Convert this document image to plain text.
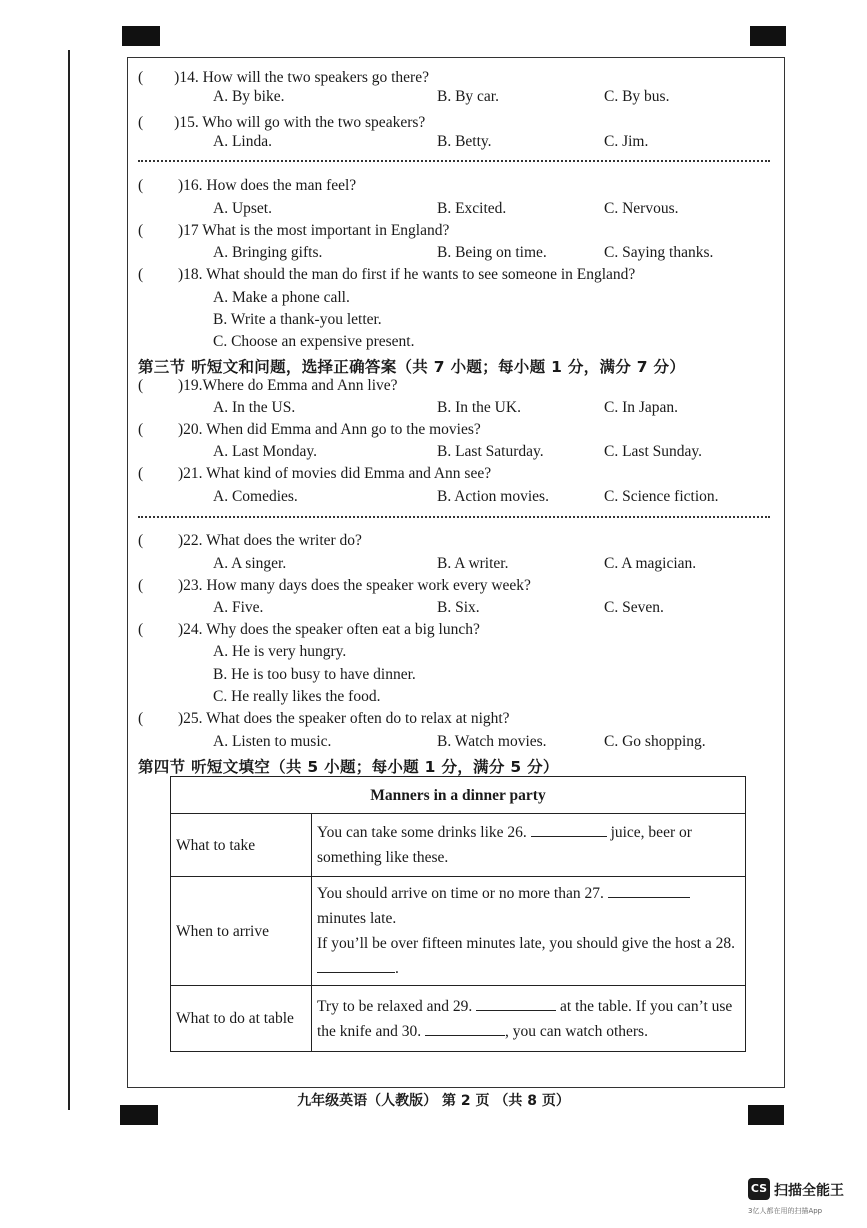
(　　)14. How will the two speakers go there?
A. By bike.	B. By car.	C. By bus.
(　　)15. Who will go with the two speakers?
A. Linda.	B. Betty.	C. Jim.
( )16. How does the man feel?
A. Upset.	B. Excited.	C. Nervous.
( )17 What is the most important in England?
A. Bringing gifts.	B. Being on time.	C. Saying thanks.
( )18. What should the man do first if he wants to see someone in England?
A. Make a phone call.
B. Write a thank-you letter.
C. Choose an expensive present.
第三节 听短文和问题，选择正确答案（共 7 小题；每小题 1 分，满分 7 分）
( )19.Where do Emma and Ann live?
A. In the US.	B. In the UK.	C. In Japan.
( )20. When did Emma and Ann go to the movies?
A. Last Monday.	B. Last Saturday.	C. Last Sunday.
( )21. What kind of movies did Emma and Ann see?
A. Comedies.	B. Action movies.	C. Science fiction.
( )22. What does the writer do?
A. A singer.	B. A writer.	C. A magician.
( )23. How many days does the speaker work every week?
A. Five.	B. Six.	C. Seven.
( )24. Why does the speaker often eat a big lunch?
A. He is very hungry.
B. He is too busy to have dinner.
C. He really likes the food.
( )25. What does the speaker often do to relax at night?
A. Listen to music.	B. Watch movies.	C. Go shopping.
第四节 听短文填空（共 5 小题；每小题 1 分，满分 5 分）
Manners in a dinner party	
What to take	You can take some drinks like 26. juice, beer or something like these.
When to arrive	You should arrive on time or no more than 27.  minutes late.
If you’ll be over fifteen minutes late, you should give the host a 28. .
What to do at table	Try to be relaxed and 29. at the table. If you can’t use the knife and 30. , you can watch others.
九年级英语（人教版） 第 2 页 （共 8 页）
CS 扫描全能王
3亿人都在用的扫描App
